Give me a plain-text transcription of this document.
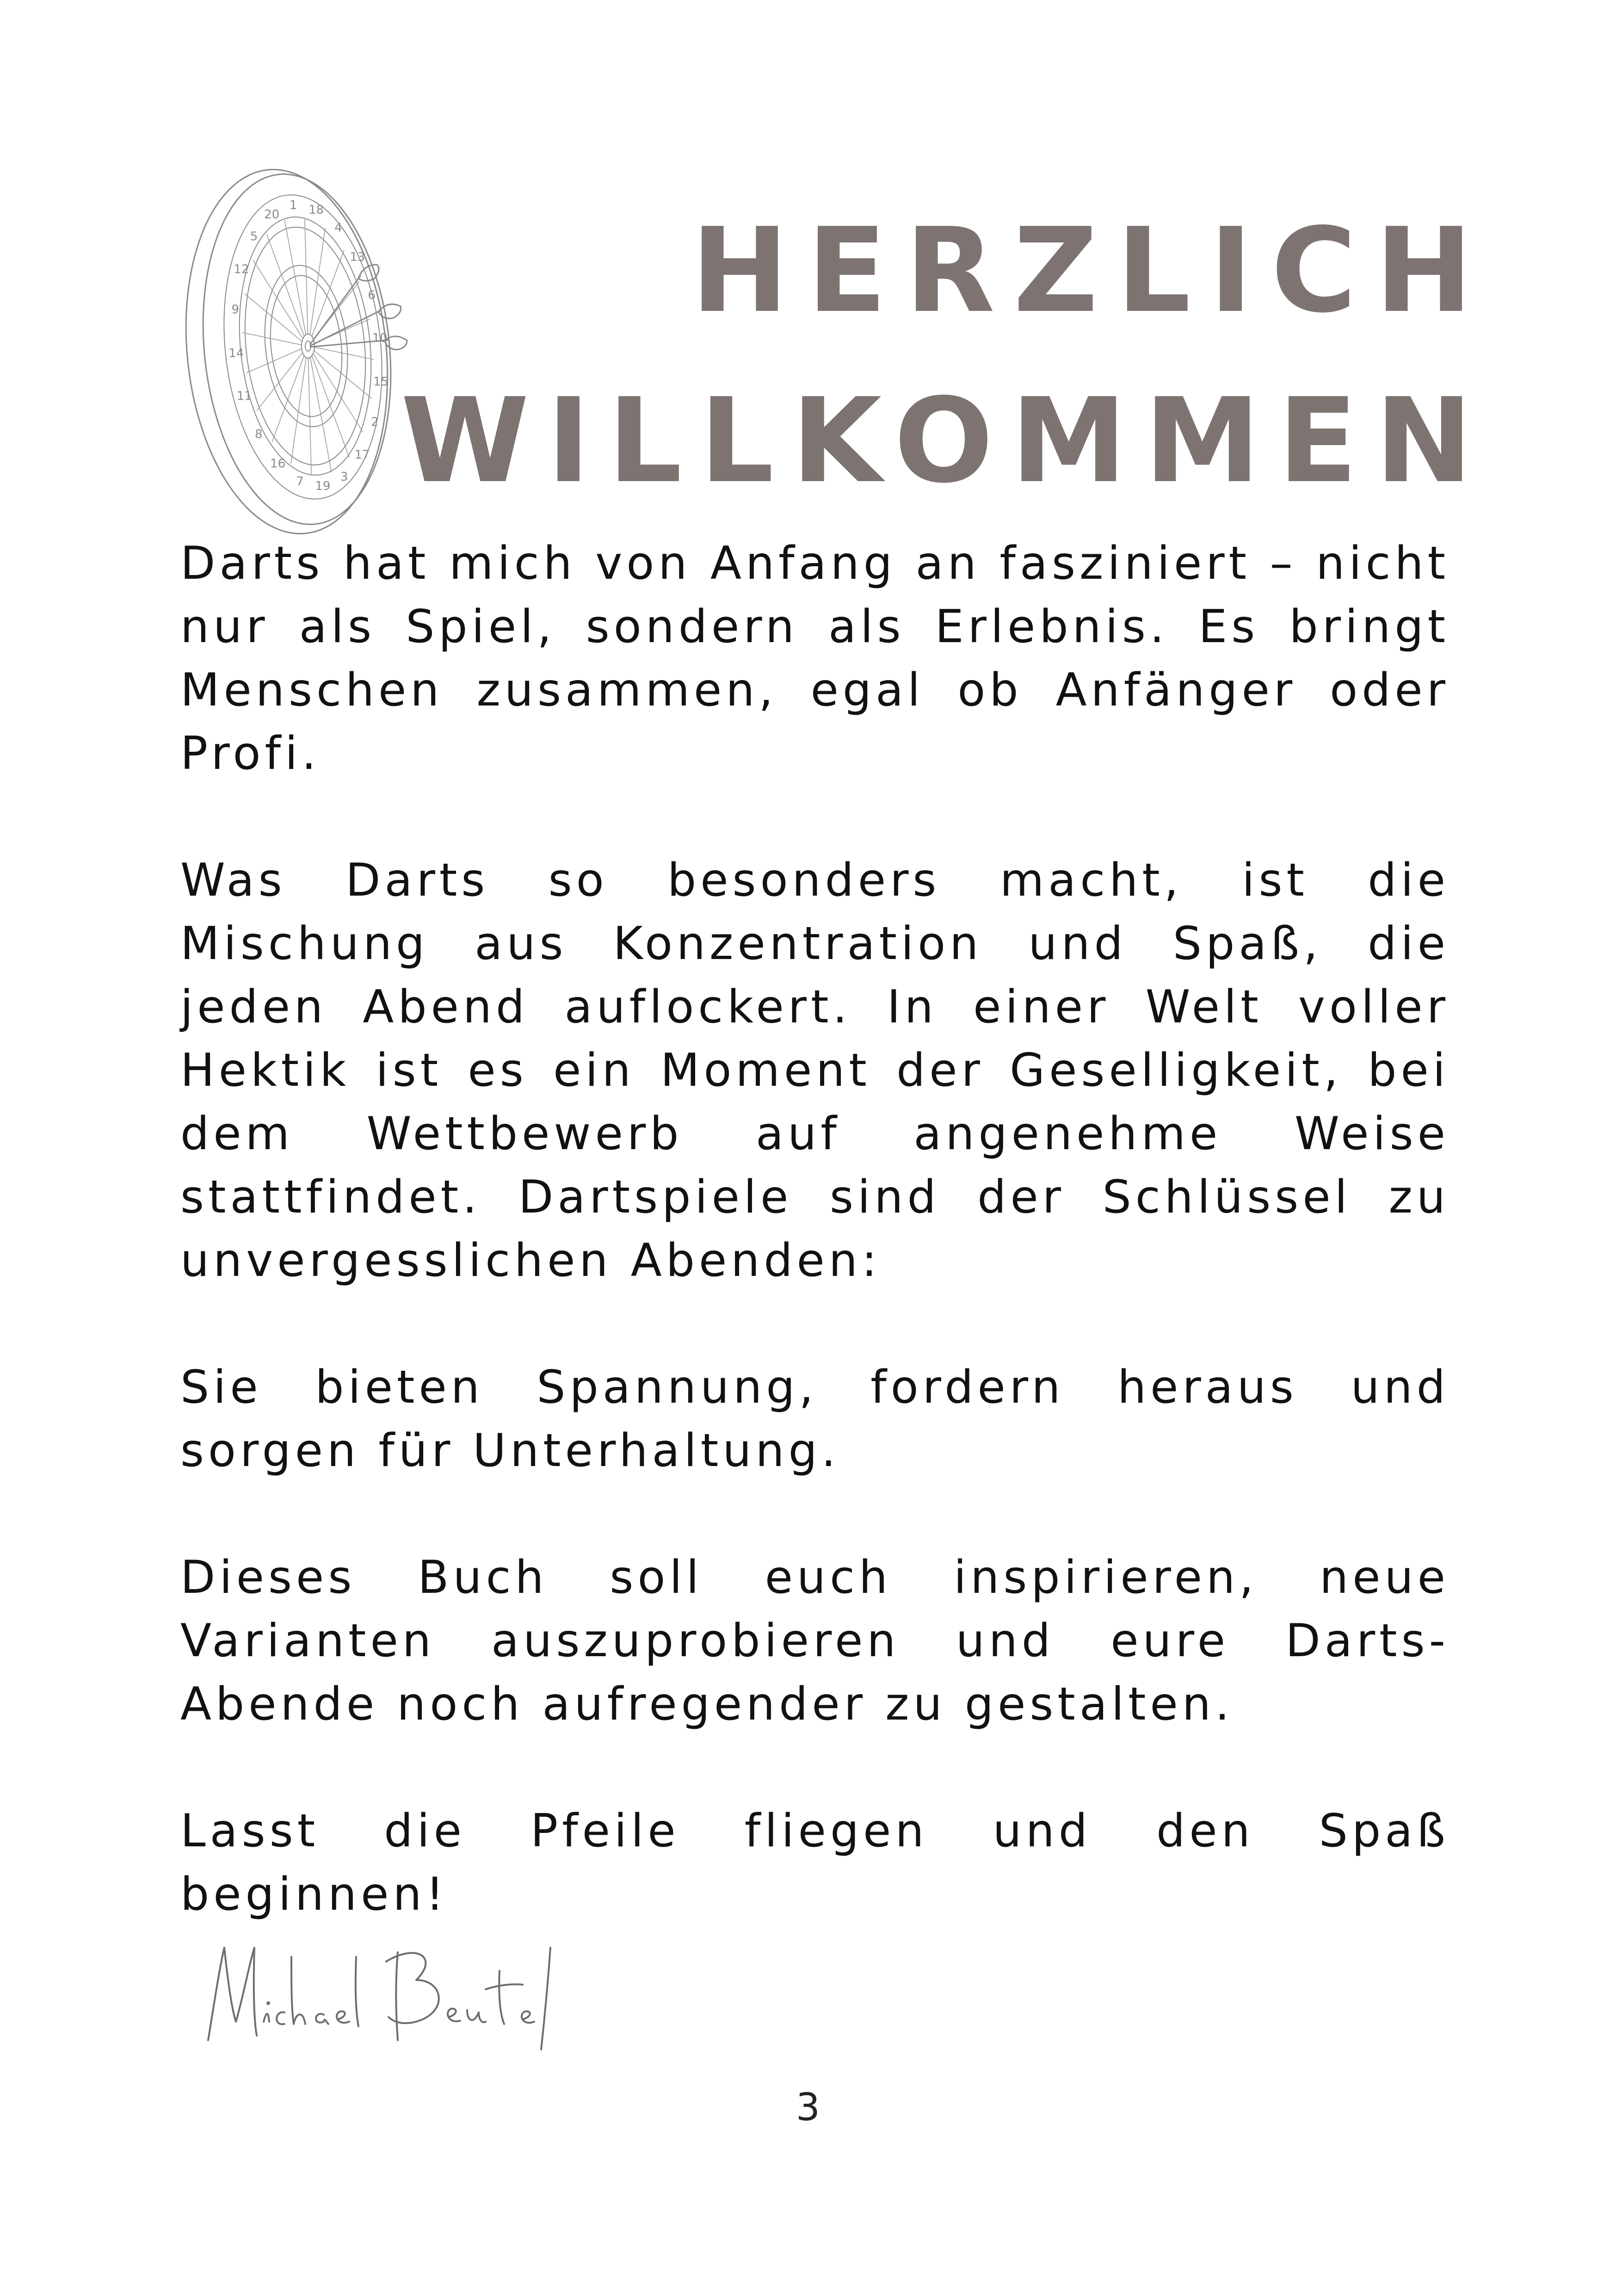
5
20
1 18
4
13
6
10
15
2
17
3
19
7
16
8
11
14
9
12	HERZLICH
WILLKOMMEN

Darts hat mich von Anfang an fasziniert – nicht nur als Spiel, sondern als Erlebnis. Es bringt Menschen zusammen, egal ob Anfänger oder Profi.

Was Darts so besonders macht, ist die Mischung aus Konzentration und Spaß, die jeden Abend auflockert. In einer Welt voller Hektik ist es ein Moment der Geselligkeit, bei dem Wettbewerb auf angenehme Weise stattfindet. Dartspiele sind der Schlüssel zu unvergesslichen Abenden:

Sie bieten Spannung, fordern heraus und sorgen für Unterhaltung.

Dieses Buch soll euch inspirieren, neue Varianten auszuprobieren und eure Darts-Abende noch aufregender zu gestalten.

Lasst die Pfeile fliegen und den Spaß beginnen!

3
